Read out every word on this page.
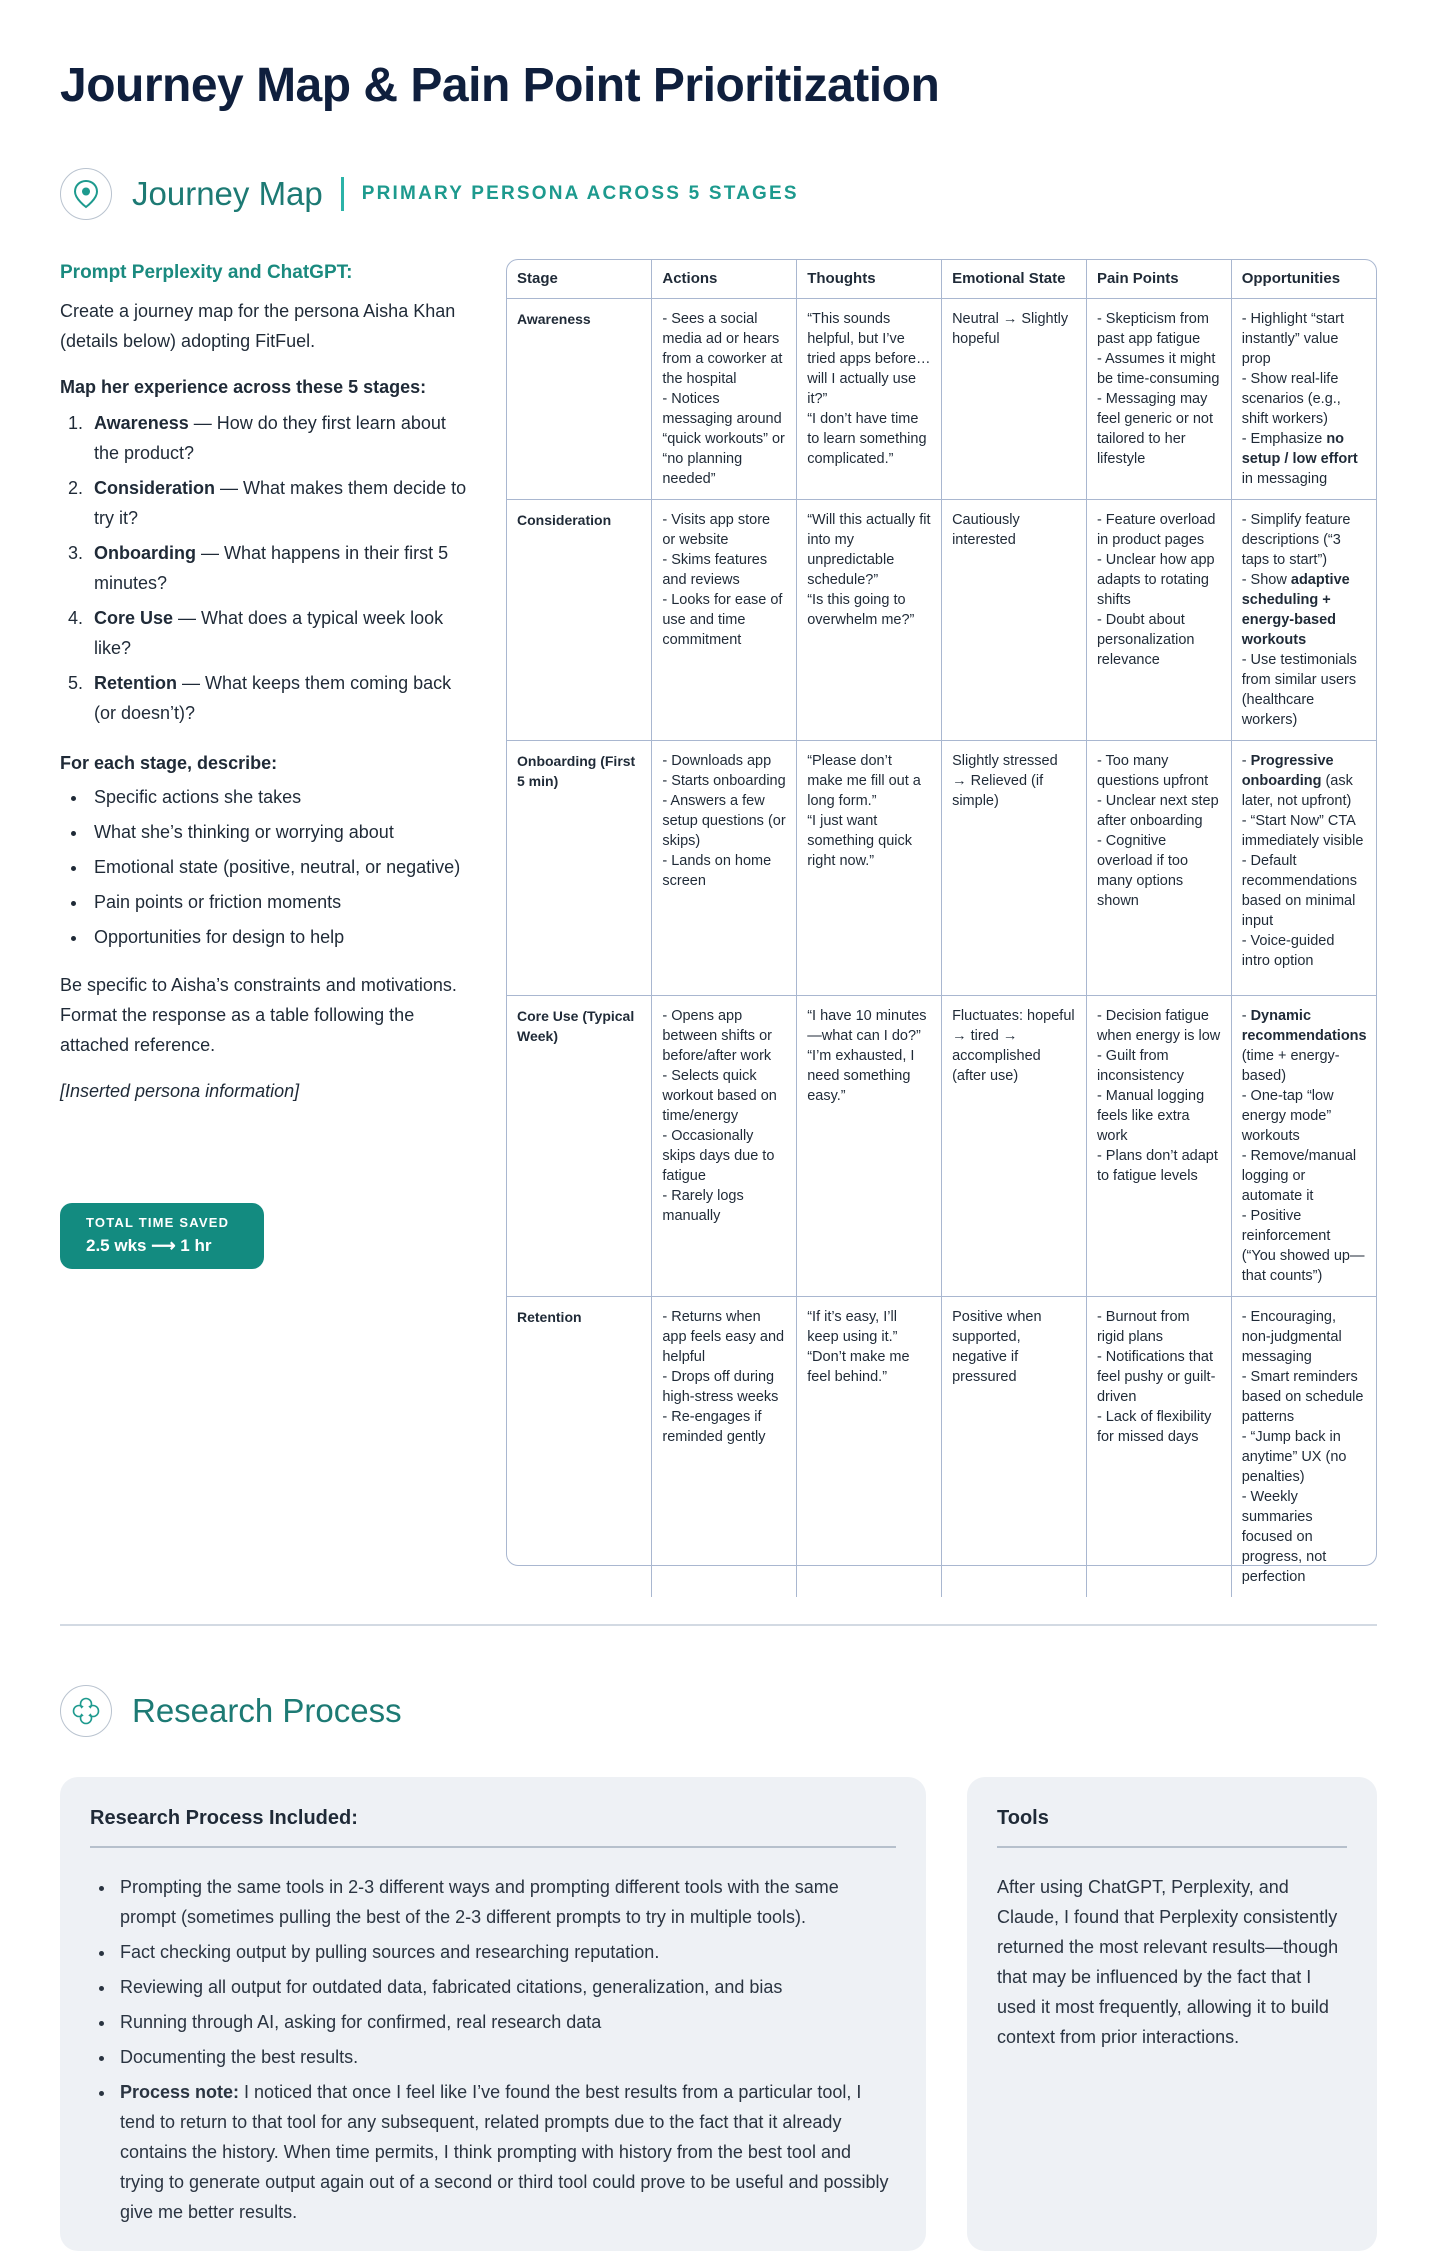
Journey Map & Pain Point Prioritization
Journey Map PRIMARY PERSONA ACROSS 5 STAGES
Prompt Perplexity and ChatGPT:

Create a journey map for the persona Aisha Khan (details below) adopting FitFuel.

Map her experience across these 5 stages:

1. Awareness — How do they first learn about the product?
2. Consideration — What makes them decide to try it?
3. Onboarding — What happens in their first 5 minutes?
4. Core Use — What does a typical week look like?
5. Retention — What keeps them coming back (or doesn’t)?

For each stage, describe:

• Specific actions she takes
• What she’s thinking or worrying about
• Emotional state (positive, neutral, or negative)
• Pain points or friction moments
• Opportunities for design to help

Be specific to Aisha’s constraints and motivations. Format the response as a table following the attached reference.

[Inserted persona information]

TOTAL TIME SAVED
2.5 wks ⟶ 1 hr
Stage	Actions	Thoughts	Emotional State	Pain Points	Opportunities
Awareness	- Sees a social media ad or hears from a coworker at the hospital
- Notices messaging around “quick workouts” or “no planning needed”	“This sounds helpful, but I’ve tried apps before… will I actually use it?”
“I don’t have time to learn something complicated.”	Neutral → Slightly hopeful	- Skepticism from past app fatigue
- Assumes it might be time-consuming
- Messaging may feel generic or not tailored to her lifestyle	- Highlight “start instantly” value prop
- Show real-life scenarios (e.g., shift workers)
- Emphasize no setup / low effort in messaging
Consideration	- Visits app store or website
- Skims features and reviews
- Looks for ease of use and time commitment	“Will this actually fit into my unpredictable schedule?”
“Is this going to overwhelm me?”	Cautiously interested	- Feature overload in product pages
- Unclear how app adapts to rotating shifts
- Doubt about personalization relevance	- Simplify feature descriptions (“3 taps to start”)
- Show adaptive scheduling + energy-based workouts
- Use testimonials from similar users (healthcare workers)
Onboarding (First 5 min)	- Downloads app
- Starts onboarding
- Answers a few setup questions (or skips)
- Lands on home screen	“Please don’t make me fill out a long form.”
“I just want something quick right now.”	Slightly stressed → Relieved (if simple)	- Too many questions upfront
- Unclear next step after onboarding
- Cognitive overload if too many options shown	- Progressive onboarding (ask later, not upfront)
- “Start Now” CTA immediately visible
- Default recommendations based on minimal input
- Voice-guided intro option
Core Use (Typical Week)	- Opens app between shifts or before/after work
- Selects quick workout based on time/energy
- Occasionally skips days due to fatigue
- Rarely logs manually	“I have 10 minutes—what can I do?”
“I’m exhausted, I need something easy.”	Fluctuates: hopeful → tired → accomplished (after use)	- Decision fatigue when energy is low
- Guilt from inconsistency
- Manual logging feels like extra work
- Plans don’t adapt to fatigue levels	- Dynamic recommendations (time + energy-based)
- One-tap “low energy mode” workouts
- Remove/manual logging or automate it
- Positive reinforcement (“You showed up—that counts”)
Retention	- Returns when app feels easy and helpful
- Drops off during high-stress weeks
- Re-engages if reminded gently	“If it’s easy, I’ll keep using it.”
“Don’t make me feel behind.”	Positive when supported, negative if pressured	- Burnout from rigid plans
- Notifications that feel pushy or guilt-driven
- Lack of flexibility for missed days	- Encouraging, non-judgmental messaging
- Smart reminders based on schedule patterns
- “Jump back in anytime” UX (no penalties)
- Weekly summaries focused on progress, not perfection
Research Process
Research Process Included:
• Prompting the same tools in 2-3 different ways and prompting different tools with the same prompt (sometimes pulling the best of the 2-3 different prompts to try in multiple tools).
• Fact checking output by pulling sources and researching reputation.
• Reviewing all output for outdated data, fabricated citations, generalization, and bias
• Running through AI, asking for confirmed, real research data
• Documenting the best results.
• Process note: I noticed that once I feel like I’ve found the best results from a particular tool, I tend to return to that tool for any subsequent, related prompts due to the fact that it already contains the history. When time permits, I think prompting with history from the best tool and trying to generate output again out of a second or third tool could prove to be useful and possibly give me better results.
Tools

After using ChatGPT, Perplexity, and Claude, I found that Perplexity consistently returned the most relevant results—though that may be influenced by the fact that I used it most frequently, allowing it to build context from prior interactions.
